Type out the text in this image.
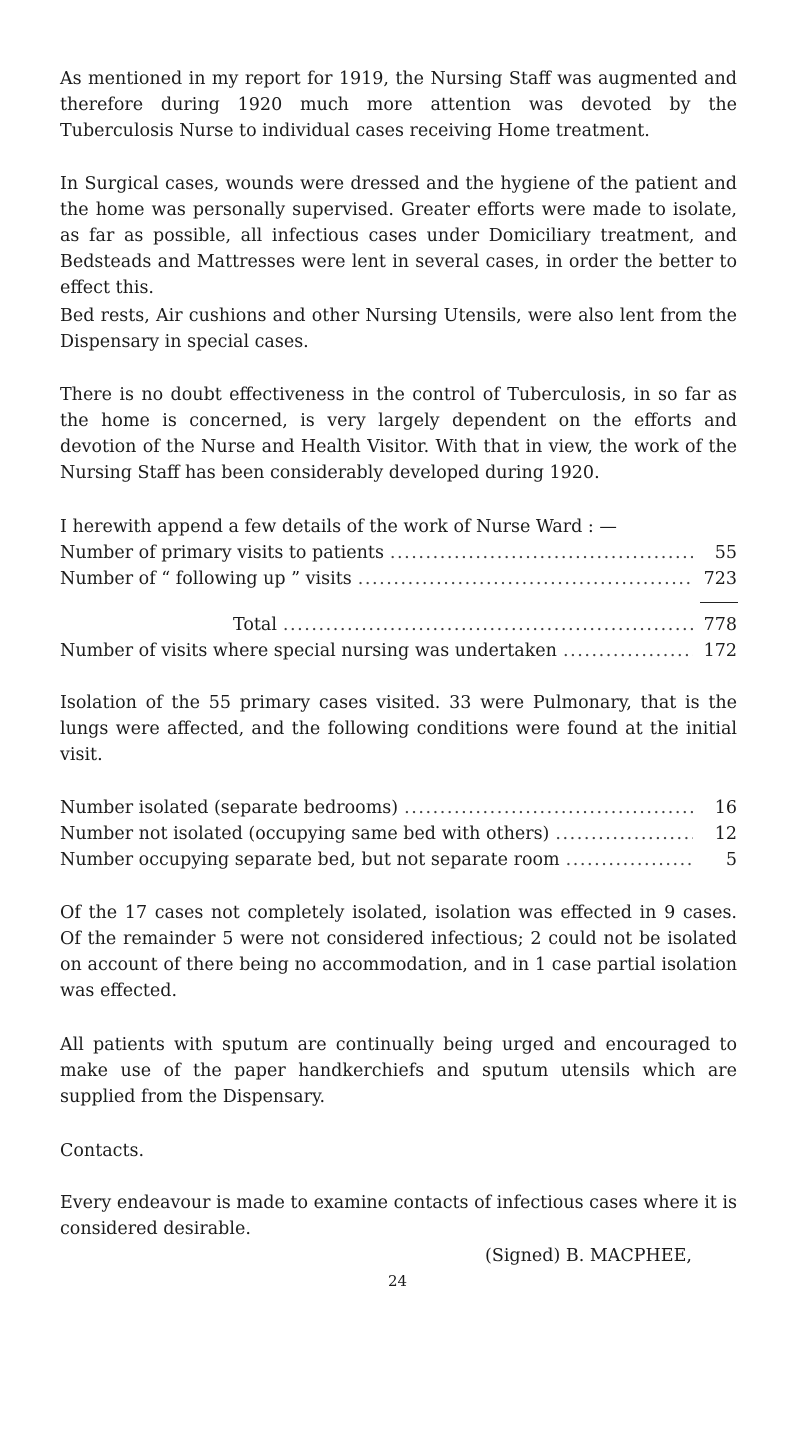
As mentioned in my report for 1919, the Nursing Staff was augmented and therefore during 1920 much more attention was devoted by the Tuberculosis Nurse to individual cases receiving Home treatment.

In Surgical cases, wounds were dressed and the hygiene of the patient and the home was personally supervised. Greater efforts were made to isolate, as far as possible, all infectious cases under Domiciliary treatment, and Bedsteads and Mattresses were lent in several cases, in order the better to effect this.

Bed rests, Air cushions and other Nursing Utensils, were also lent from the Dispensary in special cases.

There is no doubt effectiveness in the control of Tuberculosis, in so far as the home is concerned, is very largely dependent on the efforts and devotion of the Nurse and Health Visitor. With that in view, the work of the Nursing Staff has been considerably developed during 1920.

I herewith append a few details of the work of Nurse Ward : —

Number of primary visits to patients . . .	55
Number of “ following up ” visits . . .	723
Total . . .	778
Number of visits where special nursing was undertaken . . .	172

Isolation of the 55 primary cases visited. 33 were Pulmonary, that is the lungs were affected, and the following conditions were found at the initial visit.

Number isolated (separate bedrooms) . . .	16
Number not isolated (occupying same bed with others) . . .	12
Number occupying separate bed, but not separate room . . .	5

Of the 17 cases not completely isolated, isolation was effected in 9 cases. Of the remainder 5 were not considered infectious; 2 could not be isolated on account of there being no accommodation, and in 1 case partial isolation was effected.

All patients with sputum are continually being urged and encouraged to make use of the paper handkerchiefs and sputum utensils which are supplied from the Dispensary.

Contacts.

Every endeavour is made to examine contacts of infectious cases where it is considered desirable.

(Signed) B. MACPHEE,
24
